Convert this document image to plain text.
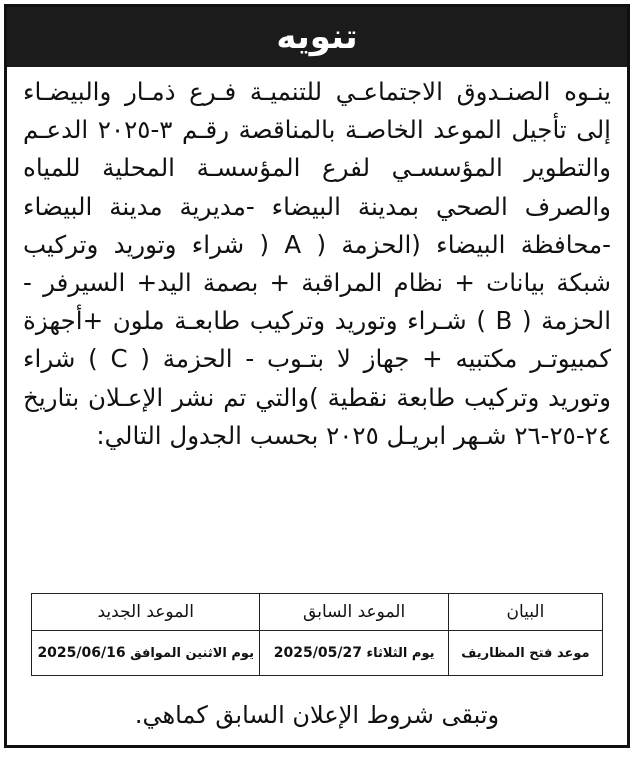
تنويه

ينـوه الصنـدوق الاجتماعـي للتنميـة فـرع ذمـار والبيضـاء إلى تأجيل الموعد الخاصـة بالمناقصة رقـم ٣-٢٠٢٥ الدعـم والتطوير المؤسسـي لفرع المؤسسـة المحلية للمياه والصرف الصحي بمدينة البيضاء -مديرية مدينة البيضاء -محافظة البيضاء (الحزمة ( A ( شراء وتوريد وتركيب شبكة بيانات + نظام المراقبة + بصمة اليد+ السيرفر - الحزمة ( B ) شـراء وتوريد وتركيب طابعـة ملون +أجهزة كمبيوتـر مكتبيه + جهاز لا بتـوب - الحزمة ( C ) شراء وتوريد وتركيب طابعة نقطية )والتي تم نشر الإعـلان بتاريخ ٢٤-٢٥-٢٦ شـهر ابريـل ٢٠٢٥ بحسب الجدول التالي:

البيان	الموعد السابق	الموعد الجديد
موعد فتح المظاريف	يوم الثلاثاء 2025/05/27	يوم الاثنين الموافق 2025/06/16
وتبقى شروط الإعلان السابق كماهي.
